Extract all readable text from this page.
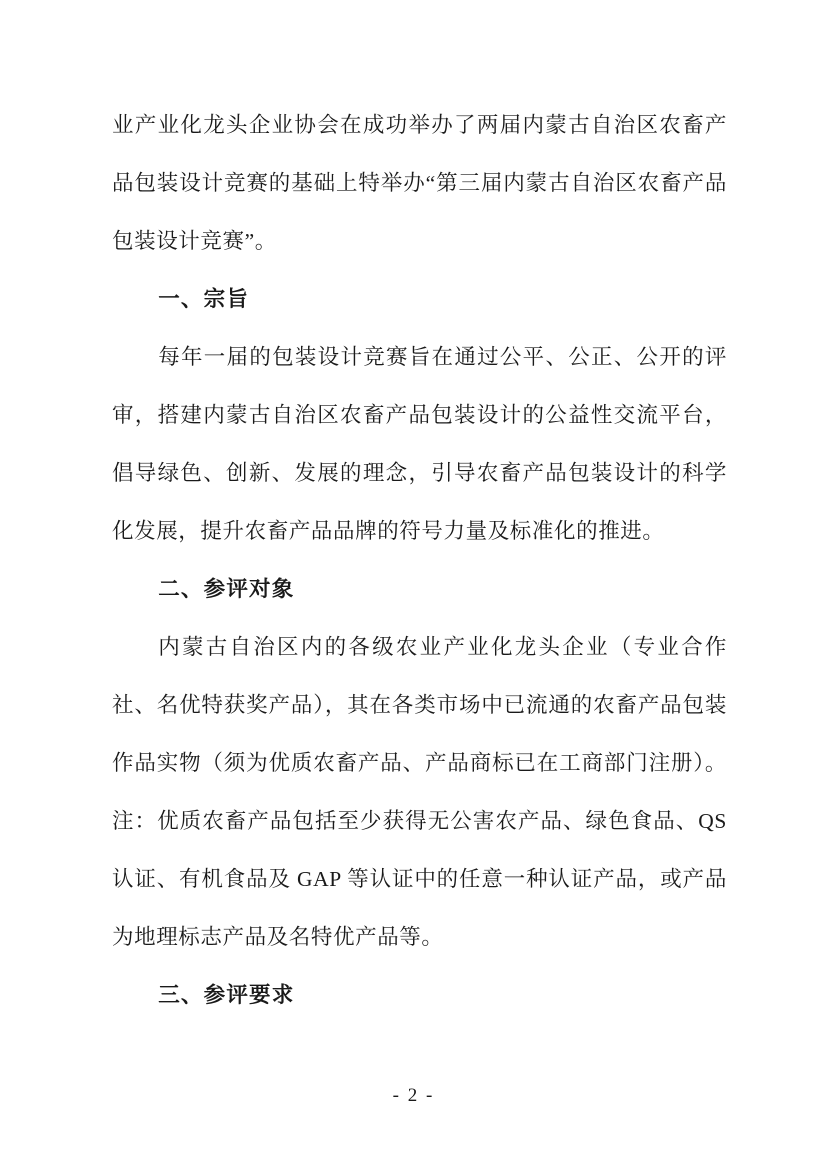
业产业化龙头企业协会在成功举办了两届内蒙古自治区农畜产品包装设计竞赛的基础上特举办“第三届内蒙古自治区农畜产品包装设计竞赛”。

一、宗旨

每年一届的包装设计竞赛旨在通过公平、公正、公开的评审，搭建内蒙古自治区农畜产品包装设计的公益性交流平台，倡导绿色、创新、发展的理念，引导农畜产品包装设计的科学化发展，提升农畜产品品牌的符号力量及标准化的推进。

二、参评对象

内蒙古自治区内的各级农业产业化龙头企业（专业合作社、名优特获奖产品），其在各类市场中已流通的农畜产品包装作品实物（须为优质农畜产品、产品商标已在工商部门注册）。注：优质农畜产品包括至少获得无公害农产品、绿色食品、QS 认证、有机食品及 GAP 等认证中的任意一种认证产品，或产品为地理标志产品及名特优产品等。

三、参评要求

- 2 -
